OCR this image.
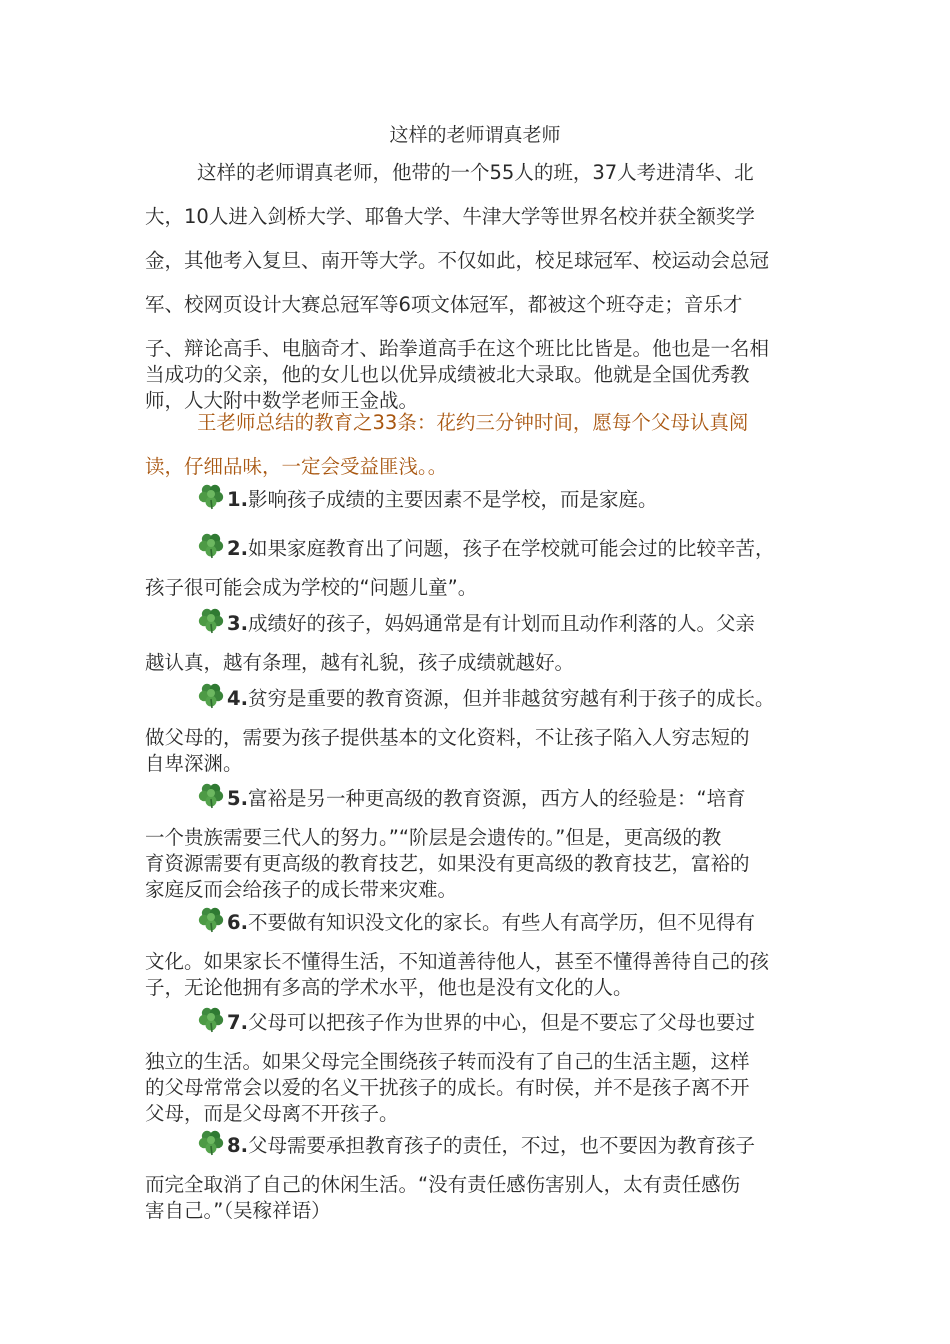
这样的老师谓真老师
这样的老师谓真老师，他带的一个55人的班，37人考进清华、北
大，10人进入剑桥大学、耶鲁大学、牛津大学等世界名校并获全额奖学
金，其他考入复旦、南开等大学。不仅如此，校足球冠军、校运动会总冠
军、校网页设计大赛总冠军等6项文体冠军，都被这个班夺走；音乐才
子、辩论高手、电脑奇才、跆拳道高手在这个班比比皆是。他也是一名相
当成功的父亲，他的女儿也以优异成绩被北大录取。他就是全国优秀教
师，人大附中数学老师王金战。
王老师总结的教育之33条：花约三分钟时间，愿每个父母认真阅
读，仔细品味，一定会受益匪浅。。
1.影响孩子成绩的主要因素不是学校，而是家庭。
2.如果家庭教育出了问题，孩子在学校就可能会过的比较辛苦，
孩子很可能会成为学校的“问题儿童”。
3.成绩好的孩子，妈妈通常是有计划而且动作利落的人。父亲
越认真，越有条理，越有礼貌，孩子成绩就越好。
4.贫穷是重要的教育资源，但并非越贫穷越有利于孩子的成长。
做父母的，需要为孩子提供基本的文化资料，不让孩子陷入人穷志短的
自卑深渊。
5.富裕是另一种更高级的教育资源，西方人的经验是：“培育
一个贵族需要三代人的努力。”“阶层是会遗传的。”但是，更高级的教
育资源需要有更高级的教育技艺，如果没有更高级的教育技艺，富裕的
家庭反而会给孩子的成长带来灾难。
6.不要做有知识没文化的家长。有些人有高学历，但不见得有
文化。如果家长不懂得生活，不知道善待他人，甚至不懂得善待自己的孩
子，无论他拥有多高的学术水平，他也是没有文化的人。
7.父母可以把孩子作为世界的中心，但是不要忘了父母也要过
独立的生活。如果父母完全围绕孩子转而没有了自己的生活主题，这样
的父母常常会以爱的名义干扰孩子的成长。有时侯，并不是孩子离不开
父母，而是父母离不开孩子。
8.父母需要承担教育孩子的责任，不过，也不要因为教育孩子
而完全取消了自己的休闲生活。“没有责任感伤害别人，太有责任感伤
害自己。”（吴稼祥语）
